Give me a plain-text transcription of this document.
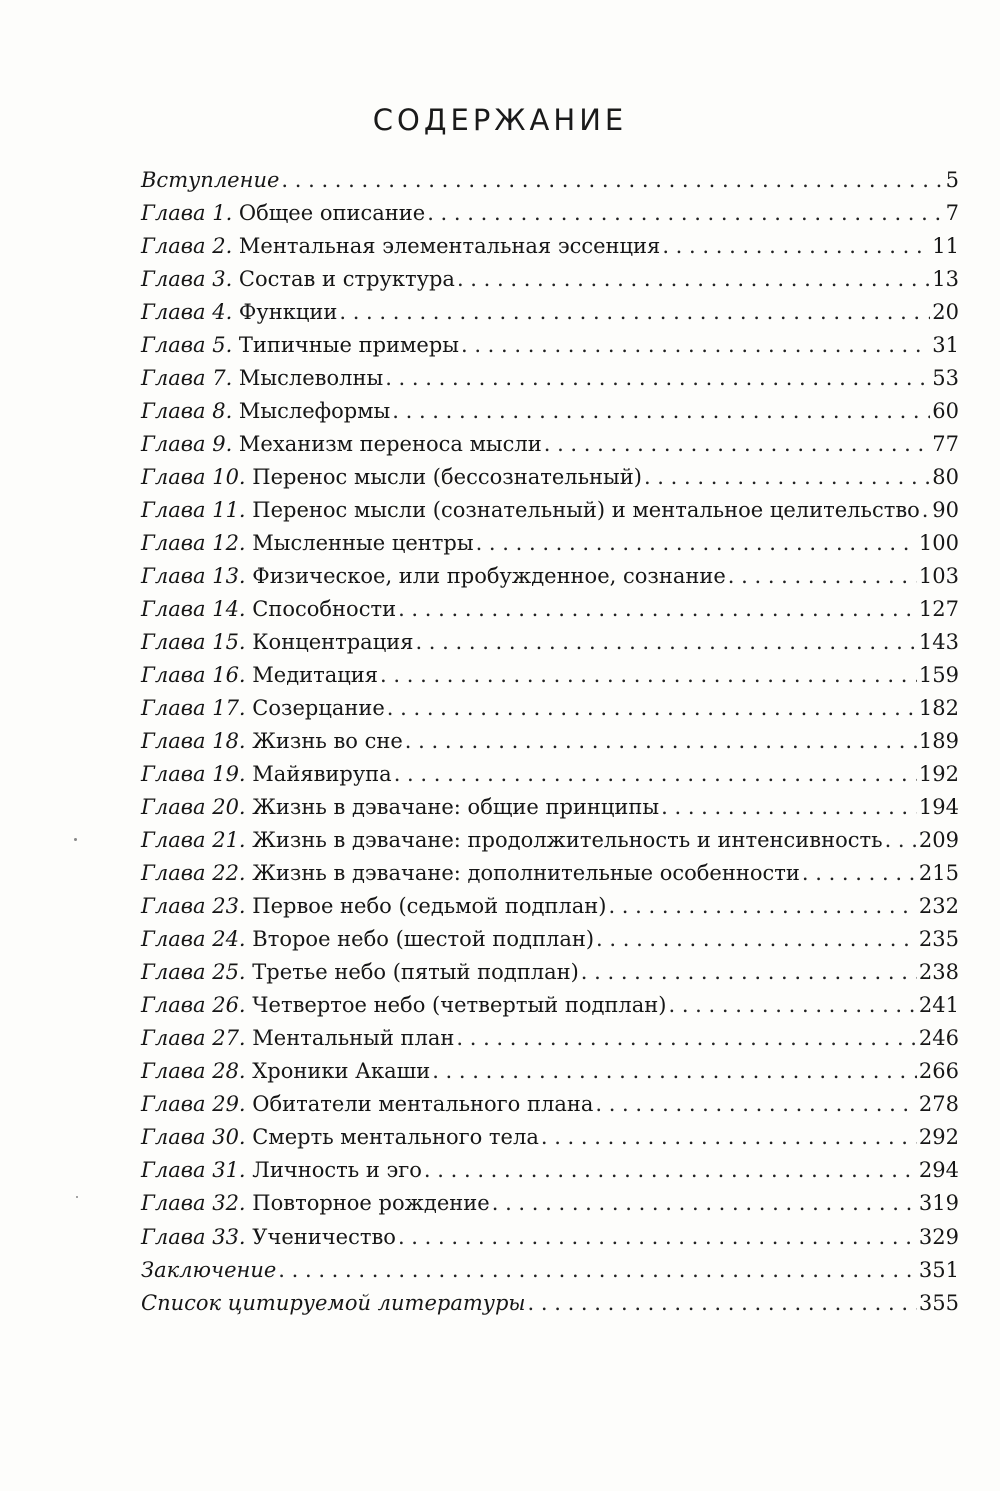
СОДЕРЖАНИЕ
Вступление . . .	5
Глава 1. Общее описание . . .	7
Глава 2. Ментальная элементальная эссенция . . .	11
Глава 3. Состав и структура . . .	13
Глава 4. Функции . . .	20
Глава 5. Типичные примеры . . .	31
Глава 7. Мыслеволны . . .	53
Глава 8. Мыслеформы . . .	60
Глава 9. Механизм переноса мысли . . .	77
Глава 10. Перенос мысли (бессознательный) . . .	80
Глава 11. Перенос мысли (сознательный) и ментальное целительство . . . 90
Глава 12. Мысленные центры . . .	100
Глава 13. Физическое, или пробужденное, сознание . . .	103
Глава 14. Способности . . .	127
Глава 15. Концентрация . . .	143
Глава 16. Медитация . . .	159
Глава 17. Созерцание . . .	182
Глава 18. Жизнь во сне . . .	189
Глава 19. Майявирупа . . .	192
Глава 20. Жизнь в дэвачане: общие принципы . . .	194
Глава 21. Жизнь в дэвачане: продолжительность и интенсивность . . . 209
Глава 22. Жизнь в дэвачане: дополнительные особенности . . .	215
Глава 23. Первое небо (седьмой подплан) . . .	232
Глава 24. Второе небо (шестой подплан) . . .	235
Глава 25. Третье небо (пятый подплан) . . .	238
Глава 26. Четвертое небо (четвертый подплан) . . .	241
Глава 27. Ментальный план . . .	246
Глава 28. Хроники Акаши . . .	266
Глава 29. Обитатели ментального плана . . .	278
Глава 30. Смерть ментального тела . . .	292
Глава 31. Личность и эго . . .	294
Глава 32. Повторное рождение . . .	319
Глава 33. Ученичество . . .	329
Заключение . . .	351
Список цитируемой литературы . . .	355
